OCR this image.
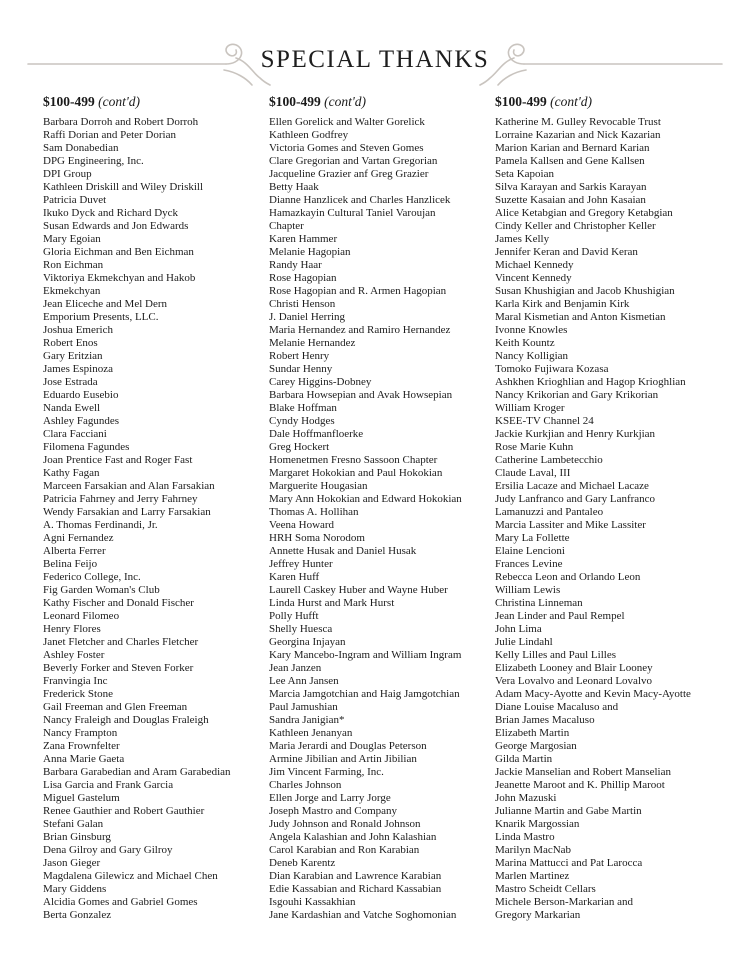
SPECIAL THANKS
$100-499 (cont'd)
Barbara Dorroh and Robert Dorroh
Raffi Dorian and Peter Dorian
Sam Donabedian
DPG Engineering, Inc.
DPI Group
Kathleen Driskill and Wiley Driskill
Patricia Duvet
Ikuko Dyck and Richard Dyck
Susan Edwards and Jon Edwards
Mary Egoian
Gloria Eichman and Ben Eichman
Ron Eichman
Viktoriya Ekmekchyan and Hakob
Ekmekchyan
Jean Eliceche and Mel Dern
Emporium Presents, LLC.
Joshua Emerich
Robert Enos
Gary Eritzian
James Espinoza
Jose Estrada
Eduardo Eusebio
Nanda Ewell
Ashley Fagundes
Clara Facciani
Filomena Fagundes
Joan Prentice Fast and Roger Fast
Kathy Fagan
Marceen Farsakian and Alan Farsakian
Patricia Fahrney and Jerry Fahrney
Wendy Farsakian and Larry Farsakian
A. Thomas Ferdinandi, Jr.
Agni Fernandez
Alberta Ferrer
Belina Feijo
Federico College, Inc.
Fig Garden Woman's Club
Kathy Fischer and Donald Fischer
Leonard Filomeo
Henry Flores
Janet Fletcher and Charles Fletcher
Ashley Foster
Beverly Forker and Steven Forker
Franvingia Inc
Frederick Stone
Gail Freeman and Glen Freeman
Nancy Fraleigh and Douglas Fraleigh
Nancy Frampton
Zana Frownfelter
Anna Marie Gaeta
Barbara Garabedian and Aram Garabedian
Lisa Garcia and Frank Garcia
Miguel Gastelum
Renee Gauthier and Robert Gauthier
Stefani Galan
Brian Ginsburg
Dena Gilroy and Gary Gilroy
Jason Gieger
Magdalena Gilewicz and Michael Chen
Mary Giddens
Alcidia Gomes and Gabriel Gomes
Berta Gonzalez
$100-499 (cont'd)
Ellen Gorelick and Walter Gorelick
Kathleen Godfrey
Victoria Gomes and Steven Gomes
Clare Gregorian and Vartan Gregorian
Jacqueline Grazier anf Greg Grazier
Betty Haak
Dianne Hanzlicek and Charles Hanzlicek
Hamazkayin Cultural Taniel Varoujan
Chapter
Karen Hammer
Melanie Hagopian
Randy Haar
Rose Hagopian
Rose Hagopian and R. Armen Hagopian
Christi Henson
J. Daniel Herring
Maria Hernandez and Ramiro Hernandez
Melanie Hernandez
Robert Henry
Sundar Henny
Carey Higgins-Dobney
Barbara Howsepian and Avak Howsepian
Blake Hoffman
Cyndy Hodges
Dale Hoffmanfloerke
Greg Hockert
Homenetmen Fresno Sassoon Chapter
Margaret Hokokian and Paul Hokokian
Marguerite Hougasian
Mary Ann Hokokian and Edward Hokokian
Thomas A. Hollihan
Veena Howard
HRH Soma Norodom
Annette Husak and Daniel Husak
Jeffrey Hunter
Karen Huff
Laurell Caskey Huber and Wayne Huber
Linda Hurst and Mark Hurst
Polly Hufft
Shelly Huesca
Georgina Injayan
Kary Mancebo-Ingram and William Ingram
Jean Janzen
Lee Ann Jansen
Marcia Jamgotchian and Haig Jamgotchian
Paul Jamushian
Sandra Janigian*
Kathleen Jenanyan
Maria Jerardi and Douglas Peterson
Armine Jibilian and Artin Jibilian
Jim Vincent Farming, Inc.
Charles Johnson
Ellen Jorge and Larry Jorge
Joseph Mastro and Company
Judy Johnson and Ronald Johnson
Angela Kalashian and John Kalashian
Carol Karabian and Ron Karabian
Deneb Karentz
Dian Karabian and Lawrence Karabian
Edie Kassabian and Richard Kassabian
Isgouhi Kassakhian
Jane Kardashian and Vatche Soghomonian
$100-499 (cont'd)
Katherine M. Gulley Revocable Trust
Lorraine Kazarian and Nick Kazarian
Marion Karian and Bernard Karian
Pamela Kallsen and Gene Kallsen
Seta Kapoian
Silva Karayan and Sarkis Karayan
Suzette Kasaian and John Kasaian
Alice Ketabgian and Gregory Ketabgian
Cindy Keller and Christopher Keller
James Kelly
Jennifer Keran and David Keran
Michael Kennedy
Vincent Kennedy
Susan Khushigian and Jacob Khushigian
Karla Kirk and Benjamin Kirk
Maral Kismetian and Anton Kismetian
Ivonne Knowles
Keith Kountz
Nancy Kolligian
Tomoko Fujiwara Kozasa
Ashkhen Krioghlian and Hagop Krioghlian
Nancy Krikorian and Gary Krikorian
William Kroger
KSEE-TV Channel 24
Jackie Kurkjian and Henry Kurkjian
Rose Marie Kuhn
Catherine Lambetecchio
Claude Laval, III
Ersilia Lacaze and Michael Lacaze
Judy Lanfranco and Gary Lanfranco
Lamanuzzi and Pantaleo
Marcia Lassiter and Mike Lassiter
Mary La Follette
Elaine Lencioni
Frances Levine
Rebecca Leon and Orlando Leon
William Lewis
Christina Linneman
Jean Linder and Paul Rempel
John Lima
Julie Lindahl
Kelly Lilles and Paul Lilles
Elizabeth Looney and Blair Looney
Vera Lovalvo and Leonard Lovalvo
Adam Macy-Ayotte and Kevin Macy-Ayotte
Diane Louise Macaluso and
Brian James Macaluso
Elizabeth Martin
George Margosian
Gilda Martin
Jackie Manselian and Robert Manselian
Jeanette Maroot and K. Phillip Maroot
John Mazuski
Julianne Martin and Gabe Martin
Knarik Margossian
Linda Mastro
Marilyn MacNab
Marina Mattucci and Pat Larocca
Marlen Martinez
Mastro Scheidt Cellars
Michele Berson-Markarian and
Gregory Markarian
